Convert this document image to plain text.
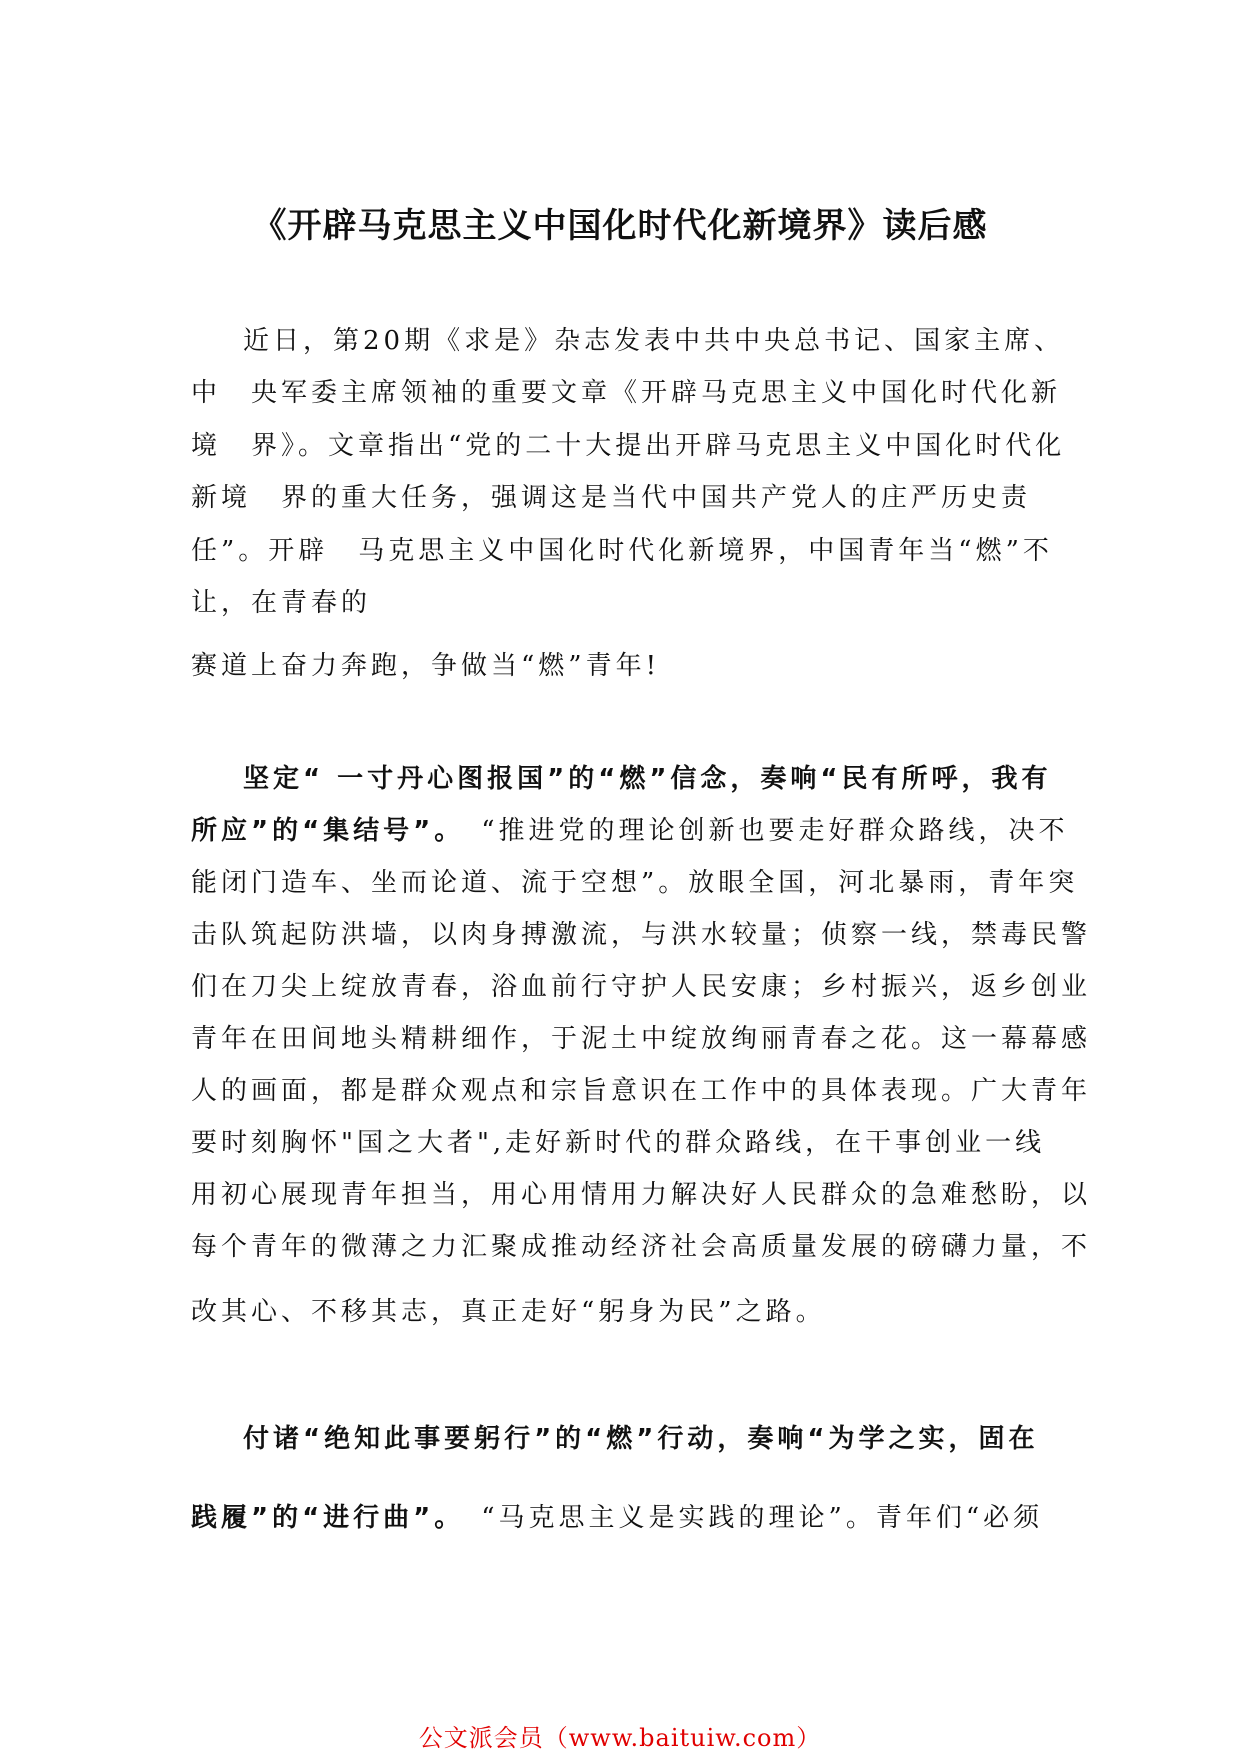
《开辟马克思主义中国化时代化新境界》读后感

近日，第20期《求是》杂志发表中共中央总书记、国家主席、

中　央军委主席领袖的重要文章《开辟马克思主义中国化时代化新

境　界》。文章指出“党的二十大提出开辟马克思主义中国化时代化

新境　界的重大任务，强调这是当代中国共产党人的庄严历史责

任”。开辟　马克思主义中国化时代化新境界，中国青年当“燃”不

让，在青春的

赛道上奋力奔跑，争做当“燃”青年!

坚定“ 一寸丹心图报国”的“燃”信念，奏响“民有所呼，我有

所应”的“集结号”。　“推进党的理论创新也要走好群众路线，决不

能闭门造车、坐而论道、流于空想”。放眼全国，河北暴雨，青年突

击队筑起防洪墙，以肉身搏激流，与洪水较量；侦察一线，禁毒民警

们在刀尖上绽放青春，浴血前行守护人民安康；乡村振兴，返乡创业

青年在田间地头精耕细作，于泥土中绽放绚丽青春之花。这一幕幕感

人的画面，都是群众观点和宗旨意识在工作中的具体表现。广大青年

要时刻胸怀"国之大者",走好新时代的群众路线，在干事创业一线

用初心展现青年担当，用心用情用力解决好人民群众的急难愁盼，以

每个青年的微薄之力汇聚成推动经济社会高质量发展的磅礴力量，不

改其心、不移其志，真正走好“躬身为民”之路。

付诸“绝知此事要躬行”的“燃”行动，奏响“为学之实，固在

践履”的“进行曲”。　“马克思主义是实践的理论”。青年们“必须

公文派会员（www.baituiw.com）
